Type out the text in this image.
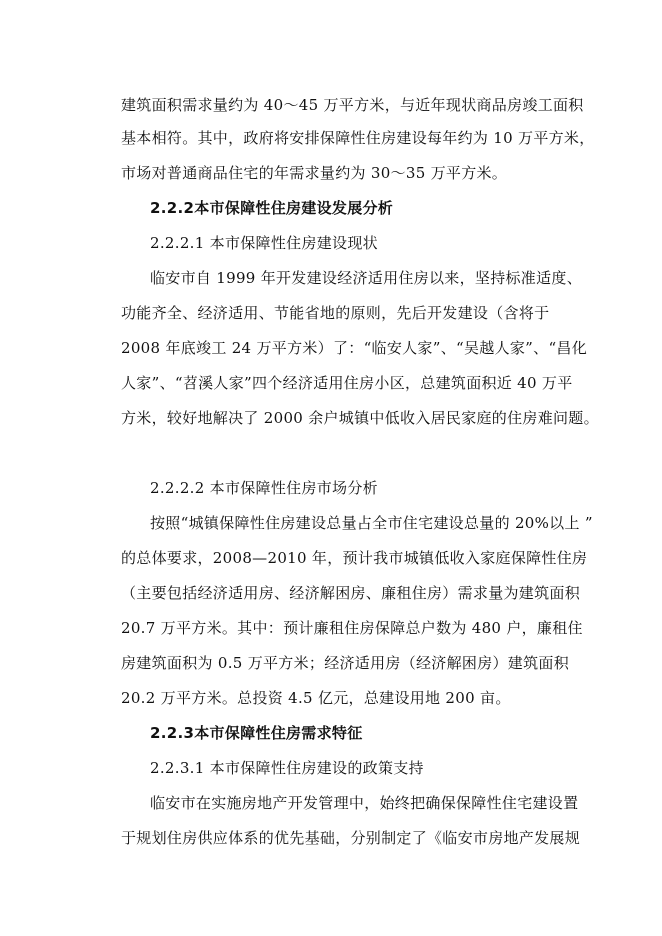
建筑面积需求量约为 40～45 万平方米，与近年现状商品房竣工面积
基本相符。其中，政府将安排保障性住房建设每年约为 10 万平方米，
市场对普通商品住宅的年需求量约为 30～35 万平方米。
2.2.2本市保障性住房建设发展分析
2.2.2.1 本市保障性住房建设现状
临安市自 1999 年开发建设经济适用住房以来，坚持标准适度、
功能齐全、经济适用、节能省地的原则，先后开发建设（含将于
2008 年底竣工 24 万平方米）了：“临安人家”、“吴越人家”、“昌化
人家”、“苕溪人家”四个经济适用住房小区，总建筑面积近 40 万平
方米，较好地解决了 2000 余户城镇中低收入居民家庭的住房难问题。
2.2.2.2 本市保障性住房市场分析
按照“城镇保障性住房建设总量占全市住宅建设总量的 20%以上 ”
的总体要求，2008—2010 年，预计我市城镇低收入家庭保障性住房
（主要包括经济适用房、经济解困房、廉租住房）需求量为建筑面积
20.7 万平方米。其中：预计廉租住房保障总户数为 480 户，廉租住
房建筑面积为 0.5 万平方米；经济适用房（经济解困房）建筑面积
20.2 万平方米。总投资 4.5 亿元，总建设用地 200 亩。
2.2.3本市保障性住房需求特征
2.2.3.1 本市保障性住房建设的政策支持
临安市在实施房地产开发管理中，始终把确保保障性住宅建设置
于规划住房供应体系的优先基础，分别制定了《临安市房地产发展规
